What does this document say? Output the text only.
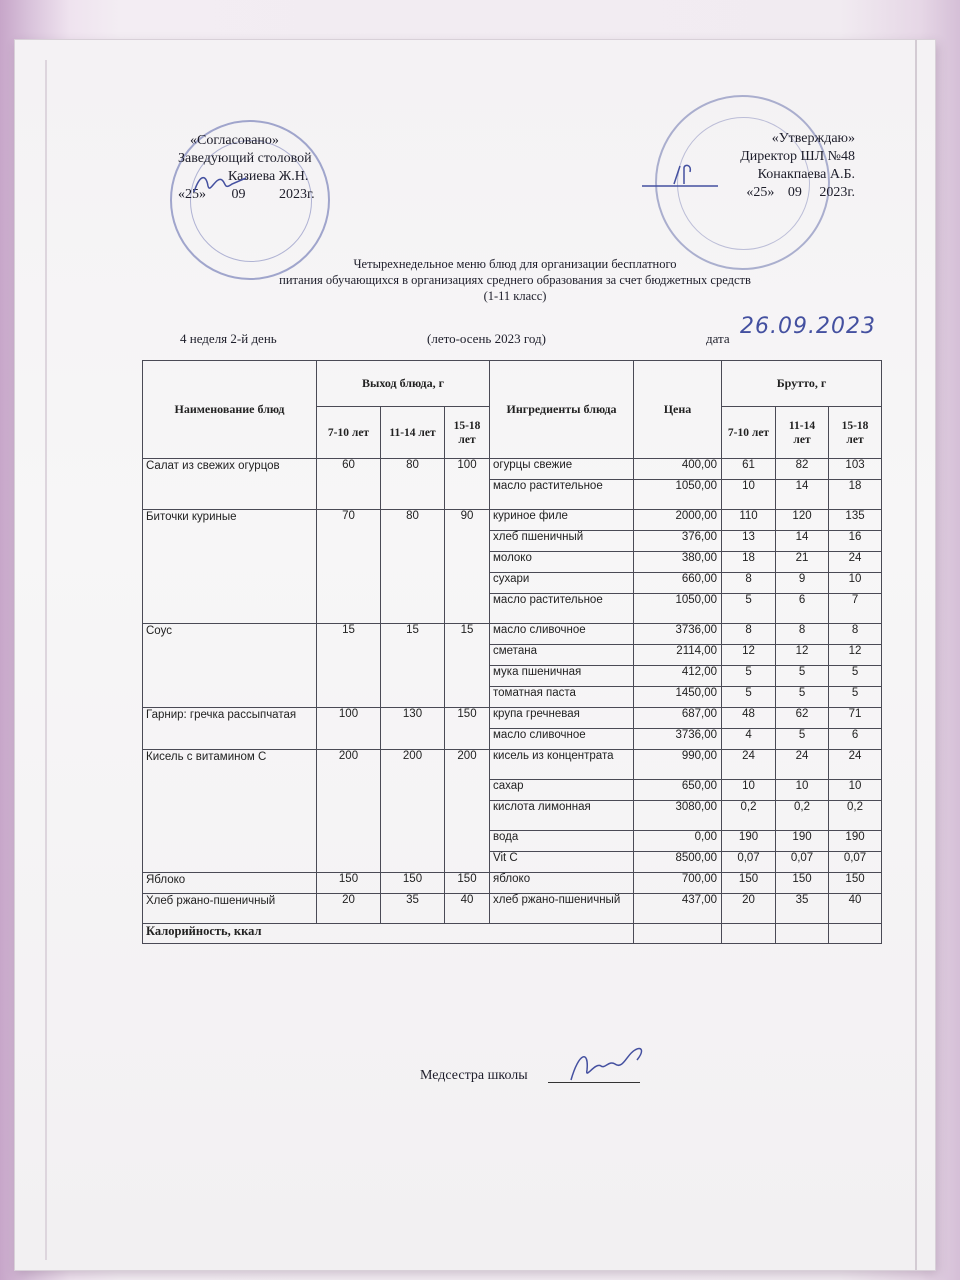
«Согласовано»
Заведующий столовой
Казиева Ж.Н.
«25» 09 2023г.
«Утверждаю»
Директор ШЛ №48
Конакпаева А.Б.
«25» 09 2023г.
Четырехнедельное меню блюд для организации бесплатного
питания обучающихся в организациях среднего образования за счет бюджетных средств
(1-11 класс)
4 неделя 2-й день	(лето-осень 2023 год)	дата 26.09.2023
Наименование блюд	Выход блюда, г			Ингредиенты блюда	Цена	Брутто, г		
	7-10 лет	11-14 лет	15-18 лет			7-10 лет	11-14 лет	15-18 лет
Салат из свежих огурцов	60	80	100	огурцы свежие	400,00	61	82	103
				масло растительное	1050,00	10	14	18
Биточки куриные	70	80	90	куриное филе	2000,00	110	120	135
				хлеб пшеничный	376,00	13	14	16
				молоко	380,00	18	21	24
				сухари	660,00	8	9	10
				масло растительное	1050,00	5	6	7
Соус	15	15	15	масло сливочное	3736,00	8	8	8
				сметана	2114,00	12	12	12
				мука пшеничная	412,00	5	5	5
				томатная паста	1450,00	5	5	5
Гарнир: гречка рассыпчатая	100	130	150	крупа гречневая	687,00	48	62	71
				масло сливочное	3736,00	4	5	6
Кисель с витамином С	200	200	200	кисель из концентрата	990,00	24	24	24
				сахар	650,00	10	10	10
				кислота лимонная	3080,00	0,2	0,2	0,2
				вода	0,00	190	190	190
				Vit C	8500,00	0,07	0,07	0,07
Яблоко	150	150	150	яблоко	700,00	150	150	150
Хлеб ржано-пшеничный	20	35	40	хлеб ржано-пшеничный	437,00	20	35	40
Калорийность, ккал								
Медсестра школы
